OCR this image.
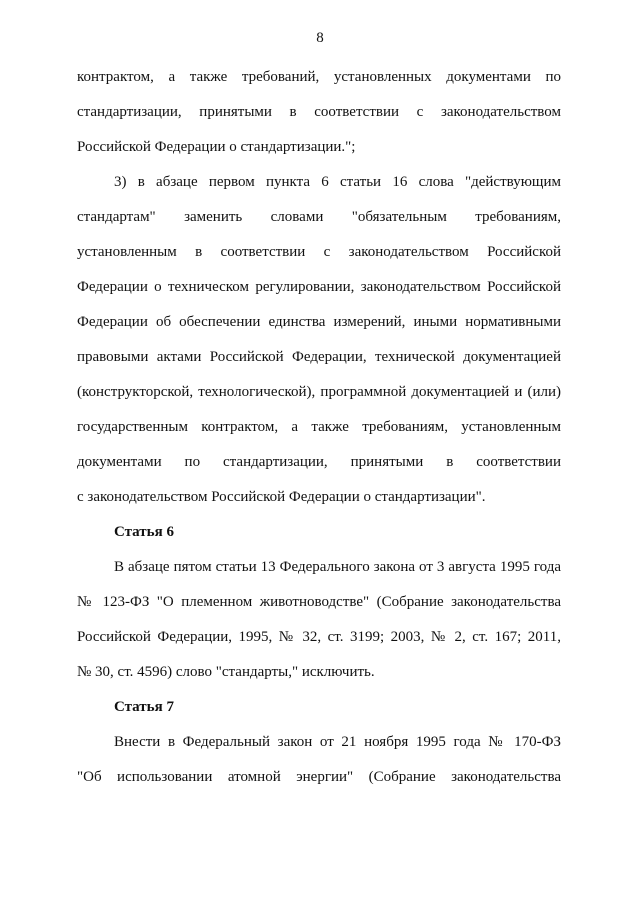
8
контрактом, а также требований, установленных документами по
стандартизации, принятыми в соответствии с законодательством
Российской Федерации о стандартизации.";
3) в абзаце первом пункта 6 статьи 16 слова "действующим
стандартам" заменить словами "обязательным требованиям,
установленным в соответствии с законодательством Российской
Федерации о техническом регулировании, законодательством Российской
Федерации об обеспечении единства измерений, иными нормативными
правовыми актами Российской Федерации, технической документацией
(конструкторской, технологической), программной документацией и (или)
государственным контрактом, а также требованиям, установленным
документами по стандартизации, принятыми в соответствии
с законодательством Российской Федерации о стандартизации".
Статья 6
В абзаце пятом статьи 13 Федерального закона от 3 августа 1995 года
№ 123-ФЗ "О племенном животноводстве" (Собрание законодательства
Российской Федерации, 1995, № 32, ст. 3199; 2003, № 2, ст. 167; 2011,
№ 30, ст. 4596) слово "стандарты," исключить.
Статья 7
Внести в Федеральный закон от 21 ноября 1995 года № 170-ФЗ
"Об использовании атомной энергии" (Собрание законодательства
